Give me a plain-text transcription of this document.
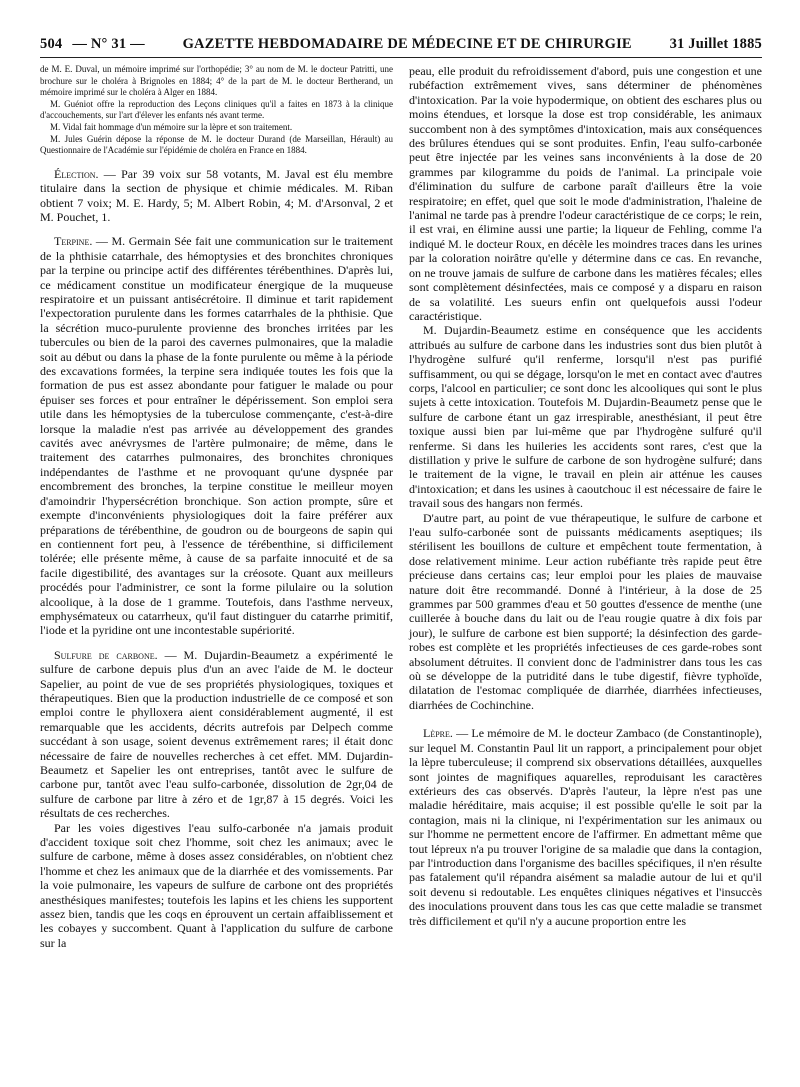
504 — N° 31 —	GAZETTE HEBDOMADAIRE DE MÉDECINE ET DE CHIRURGIE	31 Juillet 1885

de M. E. Duval, un mémoire imprimé sur l'orthopédie; 3° au nom de M. le docteur Patritti, une brochure sur le choléra à Brignoles en 1884; 4° de la part de M. le docteur Bertherand, un mémoire imprimé sur le choléra à Alger en 1884.

M. Guéniot offre la reproduction des Leçons cliniques qu'il a faites en 1873 à la clinique d'accouchements, sur l'art d'élever les enfants nés avant terme.

M. Vidal fait hommage d'un mémoire sur la lèpre et son traitement.

M. Jules Guérin dépose la réponse de M. le docteur Durand (de Marseillan, Hérault) au Questionnaire de l'Académie sur l'épidémie de choléra en France en 1884.

Élection. — Par 39 voix sur 58 votants, M. Javal est élu membre titulaire dans la section de physique et chimie médicales. M. Riban obtient 7 voix; M. E. Hardy, 5; M. Albert Robin, 4; M. d'Arsonval, 2 et M. Pouchet, 1.

Terpine. — M. Germain Sée fait une communication sur le traitement de la phthisie catarrhale, des hémoptysies et des bronchites chroniques par la terpine ou principe actif des différentes térébenthines. D'après lui, ce médicament constitue un modificateur énergique de la muqueuse respiratoire et un puissant antisécrétoire. Il diminue et tarit rapidement l'expectoration purulente dans les formes catarrhales de la phthisie. Que la sécrétion muco-purulente provienne des bronches irritées par les tubercules ou bien de la paroi des cavernes pulmonaires, que la maladie soit au début ou dans la phase de la fonte purulente ou même à la période des excavations formées, la terpine sera indiquée toutes les fois que la formation de pus est assez abondante pour fatiguer le malade ou pour épuiser ses forces et pour entraîner le dépérissement. Son emploi sera utile dans les hémoptysies de la tuberculose commençante, c'est-à-dire lorsque la maladie n'est pas arrivée au développement des grandes cavités avec anévrysmes de l'artère pulmonaire; de même, dans le traitement des catarrhes pulmonaires, des bronchites chroniques indépendantes de l'asthme et ne provoquant qu'une dyspnée par encombrement des bronches, la terpine constitue le meilleur moyen d'amoindrir l'hypersécrétion bronchique. Son action prompte, sûre et exempte d'inconvénients physiologiques doit la faire préférer aux préparations de térébenthine, de goudron ou de bourgeons de sapin qui en contiennent fort peu, à l'essence de térébenthine, si difficilement tolérée; elle présente même, à cause de sa parfaite innocuité et de sa facile digestibilité, des avantages sur la créosote. Quant aux meilleurs procédés pour l'administrer, ce sont la forme pilulaire ou la solution alcoolique, à la dose de 1 gramme. Toutefois, dans l'asthme nerveux, emphysémateux ou catarrheux, qu'il faut distinguer du catarrhe primitif, l'iode et la pyridine ont une incontestable supériorité.

Sulfure de carbone. — M. Dujardin-Beaumetz a expérimenté le sulfure de carbone depuis plus d'un an avec l'aide de M. le docteur Sapelier, au point de vue de ses propriétés physiologiques, toxiques et thérapeutiques. Bien que la production industrielle de ce composé et son emploi contre le phylloxera aient considérablement augmenté, il est remarquable que les accidents, décrits autrefois par Delpech comme succédant à son usage, soient devenus extrêmement rares; il était donc nécessaire de faire de nouvelles recherches à cet effet. MM. Dujardin-Beaumetz et Sapelier les ont entreprises, tantôt avec le sulfure de carbone pur, tantôt avec l'eau sulfo-carbonée, dissolution de 2gr,04 de sulfure de carbone par litre à zéro et de 1gr,87 à 15 degrés. Voici les résultats de ces recherches.

Par les voies digestives l'eau sulfo-carbonée n'a jamais produit d'accident toxique soit chez l'homme, soit chez les animaux; avec le sulfure de carbone, même à doses assez considérables, on n'obtient chez l'homme et chez les animaux que de la diarrhée et des vomissements. Par la voie pulmonaire, les vapeurs de sulfure de carbone ont des propriétés anesthésiques manifestes; toutefois les lapins et les chiens les supportent assez bien, tandis que les coqs en éprouvent un certain affaiblissement et les cobayes y succombent. Quant à l'application du sulfure de carbone sur la

peau, elle produit du refroidissement d'abord, puis une congestion et une rubéfaction extrêmement vives, sans déterminer de phénomènes d'intoxication. Par la voie hypodermique, on obtient des eschares plus ou moins étendues, et lorsque la dose est trop considérable, les animaux succombent non à des symptômes d'intoxication, mais aux conséquences des brûlures étendues qui se sont produites. Enfin, l'eau sulfo-carbonée peut être injectée par les veines sans inconvénients à la dose de 20 grammes par kilogramme du poids de l'animal. La principale voie d'élimination du sulfure de carbone paraît d'ailleurs être la voie respiratoire; en effet, quel que soit le mode d'administration, l'haleine de l'animal ne tarde pas à prendre l'odeur caractéristique de ce corps; le rein, il est vrai, en élimine aussi une partie; la liqueur de Fehling, comme l'a indiqué M. le docteur Roux, en décèle les moindres traces dans les urines par la coloration noirâtre qu'elle y détermine dans ce cas. En revanche, on ne trouve jamais de sulfure de carbone dans les matières fécales; elles sont complètement désinfectées, mais ce composé y a disparu en raison de sa volatilité. Les sueurs enfin ont quelquefois aussi l'odeur caractéristique.

M. Dujardin-Beaumetz estime en conséquence que les accidents attribués au sulfure de carbone dans les industries sont dus bien plutôt à l'hydrogène sulfuré qu'il renferme, lorsqu'il n'est pas purifié suffisamment, ou qui se dégage, lorsqu'on le met en contact avec d'autres corps, l'alcool en particulier; ce sont donc les alcooliques qui sont le plus sujets à cette intoxication. Toutefois M. Dujardin-Beaumetz pense que le sulfure de carbone étant un gaz irrespirable, anesthésiant, il peut être toxique aussi bien par lui-même que par l'hydrogène sulfuré qu'il renferme. Si dans les huileries les accidents sont rares, c'est que la distillation y prive le sulfure de carbone de son hydrogène sulfuré; dans le traitement de la vigne, le travail en plein air atténue les causes d'intoxication; et dans les usines à caoutchouc il est nécessaire de faire le travail sous des hangars non fermés.

D'autre part, au point de vue thérapeutique, le sulfure de carbone et l'eau sulfo-carbonée sont de puissants médicaments aseptiques; ils stérilisent les bouillons de culture et empêchent toute fermentation, à dose relativement minime. Leur action rubéfiante très rapide peut être précieuse dans certains cas; leur emploi pour les plaies de mauvaise nature doit être recommandé. Donné à l'intérieur, à la dose de 25 grammes par 500 grammes d'eau et 50 gouttes d'essence de menthe (une cuillerée à bouche dans du lait ou de l'eau rougie quatre à dix fois par jour), le sulfure de carbone est bien supporté; la désinfection des garde-robes est complète et les propriétés infectieuses de ces garde-robes sont absolument détruites. Il convient donc de l'administrer dans tous les cas où se développe de la putridité dans le tube digestif, fièvre typhoïde, dilatation de l'estomac compliquée de diarrhée, diarrhées infectieuses, diarrhées de Cochinchine.

Lèpre. — Le mémoire de M. le docteur Zambaco (de Constantinople), sur lequel M. Constantin Paul lit un rapport, a principalement pour objet la lèpre tuberculeuse; il comprend six observations détaillées, auxquelles sont jointes de magnifiques aquarelles, reproduisant les caractères extérieurs des cas observés. D'après l'auteur, la lèpre n'est pas une maladie héréditaire, mais acquise; il est possible qu'elle le soit par la contagion, mais ni la clinique, ni l'expérimentation sur les animaux ou sur l'homme ne permettent encore de l'affirmer. En admettant même que tout lépreux n'a pu trouver l'origine de sa maladie que dans la contagion, par l'introduction dans l'organisme des bacilles spécifiques, il n'en résulte pas fatalement qu'il répandra aisément sa maladie autour de lui et qu'il soit devenu si redoutable. Les enquêtes cliniques négatives et l'insuccès des inoculations prouvent dans tous les cas que cette maladie se transmet très difficilement et qu'il n'y a aucune proportion entre les
